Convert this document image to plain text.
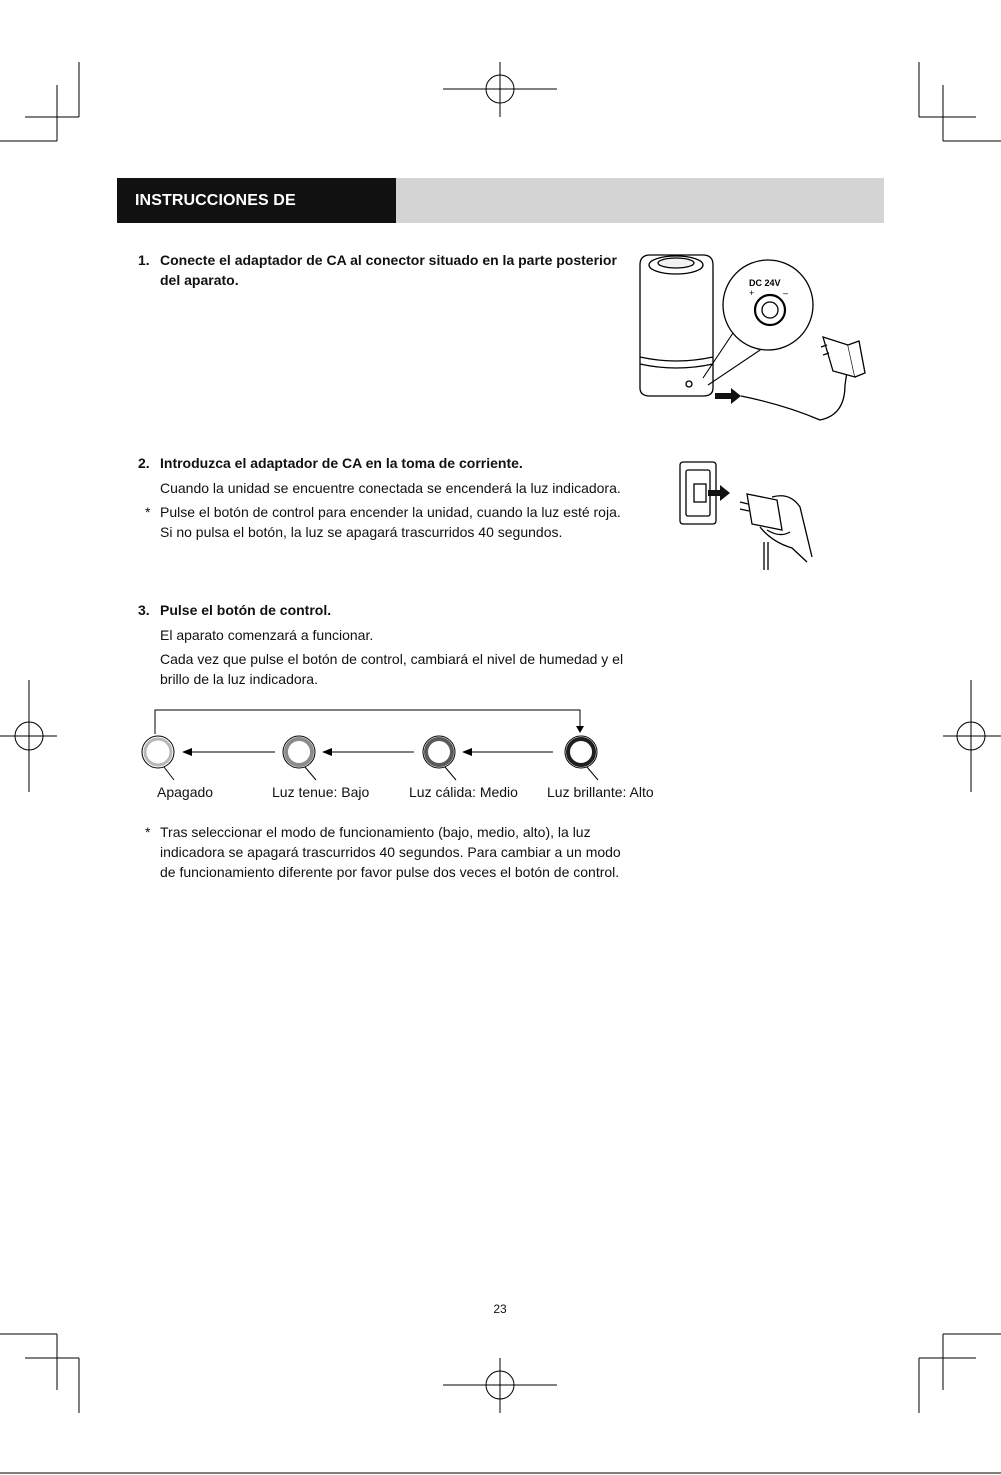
INSTRUCCIONES DE UTILIZACIÓN
1. Conecte el adaptador de CA al conector situado en la parte posterior
del aparato.	DC 24V
+	–
2. Introduzca el adaptador de CA en la toma de corriente.
Cuando la unidad se encuentre conectada se encenderá la luz indicadora.
* Pulse el botón de control para encender la unidad, cuando la luz esté roja.
Si no pulsa el botón, la luz se apagará trascurridos 40 segundos.
3. Pulse el botón de control.
El aparato comenzará a funcionar.
Cada vez que pulse el botón de control, cambiará el nivel de humedad y el
brillo de la luz indicadora.
Apagado	Luz tenue: Bajo	Luz cálida: Medio Luz brillante: Alto
* Tras seleccionar el modo de funcionamiento (bajo, medio, alto), la luz
indicadora se apagará trascurridos 40 segundos. Para cambiar a un modo
de funcionamiento diferente por favor pulse dos veces el botón de control.
23
